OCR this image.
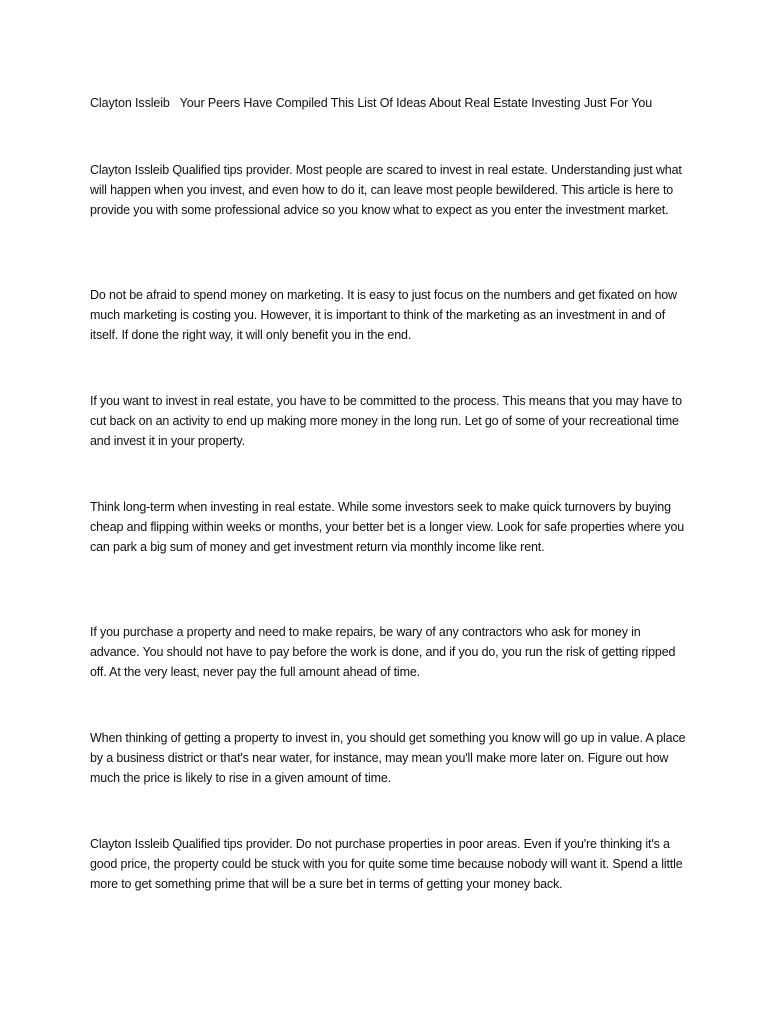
Clayton Issleib   Your Peers Have Compiled This List Of Ideas About Real Estate Investing Just For You
Clayton Issleib Qualified tips provider. Most people are scared to invest in real estate. Understanding just what will happen when you invest, and even how to do it, can leave most people bewildered. This article is here to provide you with some professional advice so you know what to expect as you enter the investment market.
Do not be afraid to spend money on marketing. It is easy to just focus on the numbers and get fixated on how much marketing is costing you. However, it is important to think of the marketing as an investment in and of itself. If done the right way, it will only benefit you in the end.
If you want to invest in real estate, you have to be committed to the process. This means that you may have to cut back on an activity to end up making more money in the long run. Let go of some of your recreational time and invest it in your property.
Think long-term when investing in real estate. While some investors seek to make quick turnovers by buying cheap and flipping within weeks or months, your better bet is a longer view. Look for safe properties where you can park a big sum of money and get investment return via monthly income like rent.
If you purchase a property and need to make repairs, be wary of any contractors who ask for money in advance. You should not have to pay before the work is done, and if you do, you run the risk of getting ripped off. At the very least, never pay the full amount ahead of time.
When thinking of getting a property to invest in, you should get something you know will go up in value. A place by a business district or that's near water, for instance, may mean you'll make more later on. Figure out how much the price is likely to rise in a given amount of time.
Clayton Issleib Qualified tips provider. Do not purchase properties in poor areas. Even if you're thinking it's a good price, the property could be stuck with you for quite some time because nobody will want it. Spend a little more to get something prime that will be a sure bet in terms of getting your money back.
